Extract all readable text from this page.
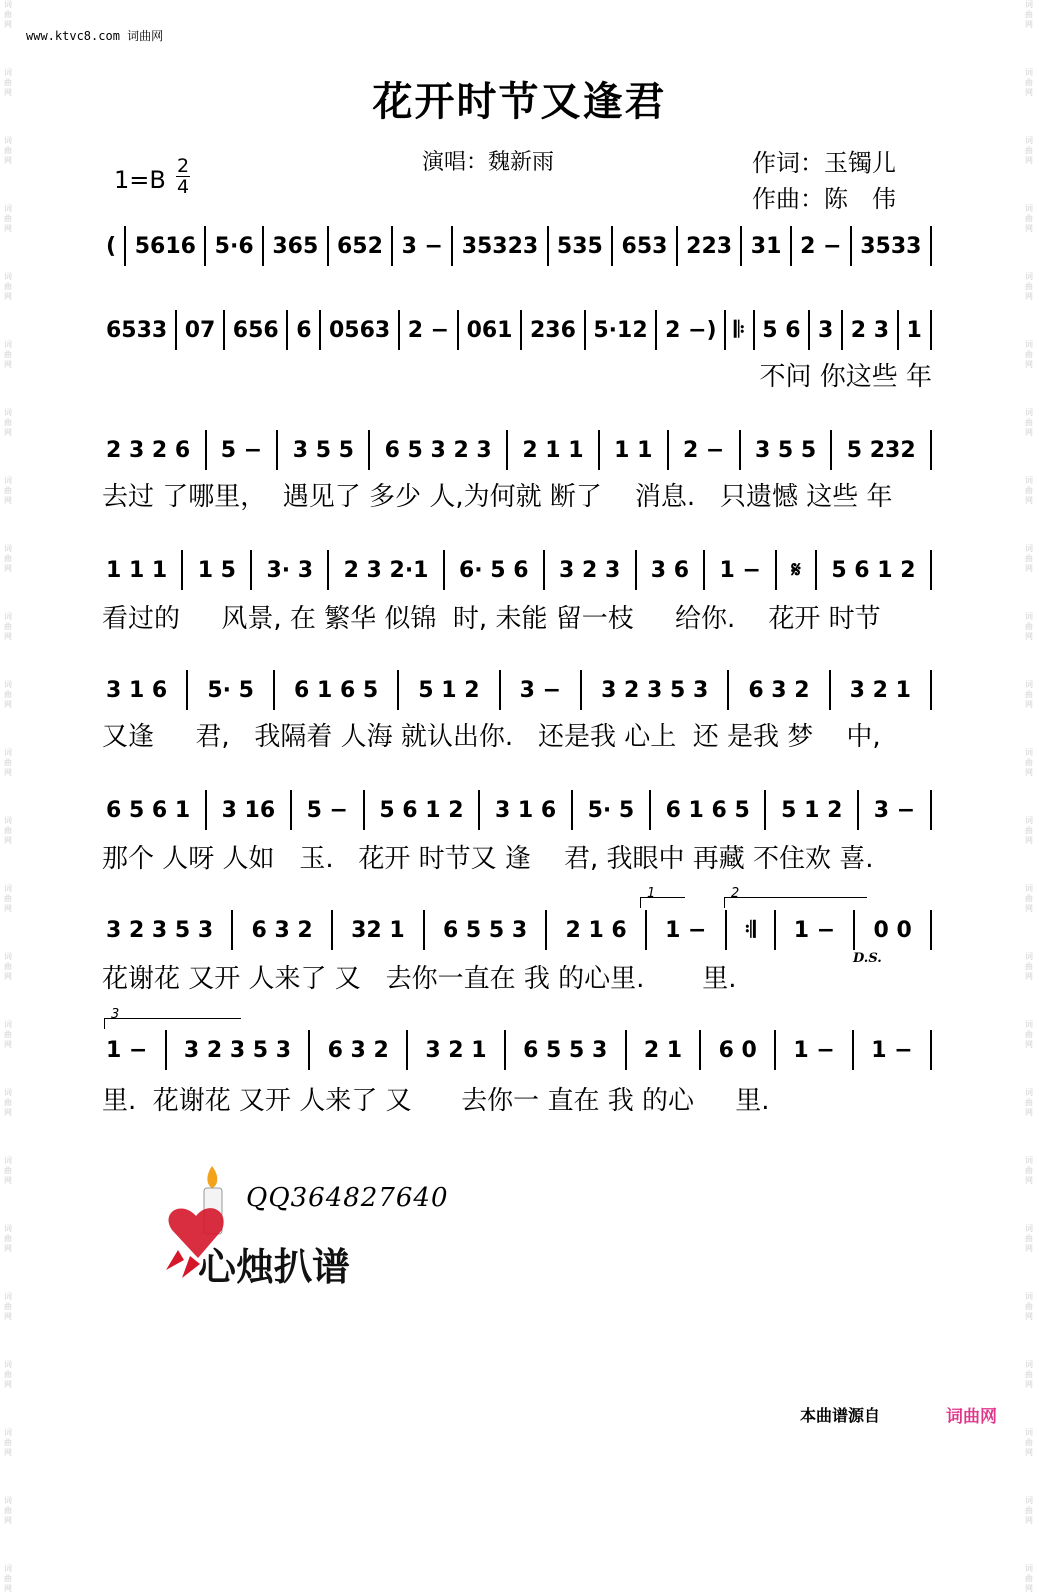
词曲网
词曲网
词曲网
词曲网
词曲网
词曲网
词曲网
词曲网
词曲网
词曲网
词曲网
词曲网
词曲网
词曲网
词曲网
词曲网
词曲网
词曲网
词曲网
词曲网
词曲网
词曲网
词曲网
词曲网
词曲网
词曲网
词曲网
词曲网
词曲网
词曲网
词曲网
词曲网
词曲网
词曲网
词曲网
词曲网
词曲网
词曲网
词曲网
词曲网
词曲网
词曲网
词曲网
词曲网
词曲网
词曲网
词曲网
词曲网
www.ktvc8.com 词曲网
花开时节又逢君
演唱：魏新雨	作词：玉镯儿
作曲：陈　伟
1=B 2
4
( 5616 5·6 365 652 3 − 35323 535 653 223 31 2 − 3533
6533 07 656 6 0563 2 − 061 236 5·12 2 −) 𝄆 5 6 3 2 3 1
不问 你这些 年
2 3 2 6 5 − 3 5 5 6 5 3 2 3 2 1 1 1 1 2 − 3 5 5 5 232
去过 了哪里，  遇见了 多少 人,为何就 断了    消息.   只遗憾 这些 年
1 1 1 1 5 3· 3 2 3 2·1 6· 5 6 3 2 3 3 6 1 − 𝄋 5 6 1 2
看过的     风景, 在 繁华 似锦  时, 未能 留一枝     给你.    花开 时节
3 1 6 5· 5 6 1 6 5 5 1 2 3 − 3 2 3 5 3 6 3 2 3 2 1
又逢     君,   我隔着 人海 就认出你.   还是我 心上  还 是我 梦    中,
6 5 6 1 3 16 5 − 5 6 1 2 3 1 6 5· 5 6 1 6 5 5 1 2 3 −
那个 人呀 人如   玉.   花开 时节又 逢    君, 我眼中 再藏 不住欢 喜.
3 2 3 5 3 6 3 2 32 1 6 5 5 3 2 1 6 1 − 𝄇 1 − 0 0
花谢花 又开 人来了 又   去你一直在 我 的心里.       里.
1 − 3 2 3 5 3 6 3 2 3 2 1 6 5 5 3 2 1 6 0 1 − 1 −
里.  花谢花 又开 人来了 又      去你一 直在 我 的心     里.
1	2
3
D.S.
QQ364827640
心烛扒谱
本曲谱源自	词曲网
